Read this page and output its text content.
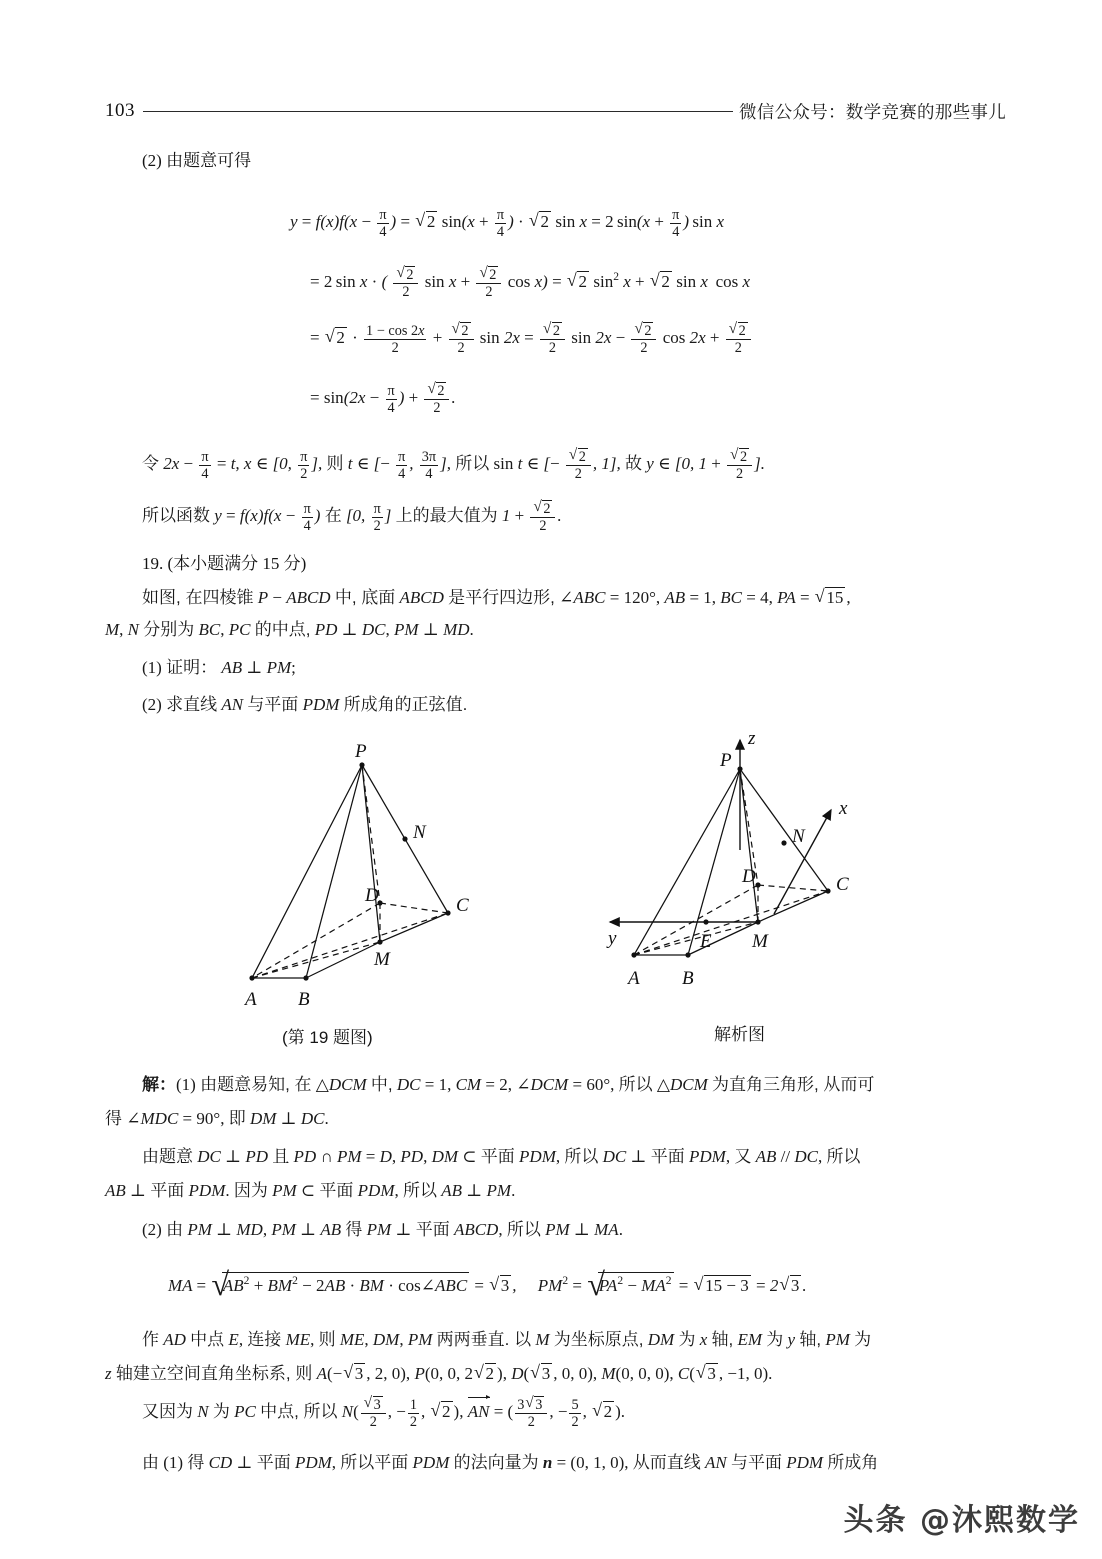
103	微信公众号：数学竞赛的那些事儿
(2) 由题意可得
$y = f(x)f(x - \frac{\pi}{4}$ ) = √ 2 $\sin(x + \frac{\pi}{4}$ ) · √ 2 sin x = 2 $\sin(x + \frac{\pi}{4}$ ) sin x
= 2 sin x · ( √ $\frac{2}{2}$ sin x + √ $\frac{2}{2}$ cos x) = √ 2 $\sin^2 x$ + √ 2 sin x  cos x
= √ $2 \cdot \frac{1 - \cos 2x}{2}$ + √ $\frac{2}{2}$ sin 2x = √ $\frac{2}{2}$ sin 2x − √ $\frac{2}{2}$ cos 2x + √ $\frac{2}{2}$
= $\sin(2x - \frac{\pi}{4}$ ) + √ $\frac{2}{2}$ .
令 $2x - \frac{\pi}{4} = t$, x ∈ [0, $\frac{\pi}{2}$ ], 则 t ∈ [− $\frac{\pi}{4}$ , $\frac{3\pi}{4}$ ], 所以 sin t ∈ [− √ $\frac{2}{2}$ , 1], 故 y ∈ [0, 1 + √ $\frac{2}{2}$ ].
所以函数 $y = f(x)f(x - \frac{\pi}{4}$ ) 在 [0, $\frac{\pi}{2}$ ] 上的最大值为 1 + √ $\frac{2}{2}$ .
19. (本小题满分 15 分)
如图, 在四棱锥 P − ABCD 中, 底面 ABCD 是平行四边形, ∠ABC = 120°, AB = 1, BC = 4, PA = √ 15 ,
M, N 分别为 BC, PC 的中点, PD ⊥ DC, PM ⊥ MD.
(1) 证明： AB ⊥ PM;
(2) 求直线 AN 与平面 PDM 所成角的正弦值.
P
N
D	C
M
A B
(第 19 题图)
P
N
D	C
E M
A B
z
x
y
解析图
解：(1) 由题意易知, 在 △DCM 中, DC = 1, CM = 2, ∠DCM = 60°, 所以 △DCM 为直角三角形, 从而可
得 ∠MDC = 90°, 即 DM ⊥ DC.
由题意 DC ⊥ PD 且 PD ∩ PM = D, PD, DM ⊂ 平面 PDM, 所以 DC ⊥ 平面 PDM, 又 AB // DC, 所以
AB ⊥ 平面 PDM. 因为 PM ⊂ 平面 PDM, 所以 AB ⊥ PM.
(2) 由 PM ⊥ MD, PM ⊥ AB 得 PM ⊥ 平面 ABCD, 所以 PM ⊥ MA.
MA = √ $AB^2 + BM^2 - 2AB$ · BM · cos∠ABC = √ 3 ,     $PM^2$ = √ $PA^2 - MA^2$ = √ 15 − 3 = 2 √ 3 .
作 AD 中点 E, 连接 ME, 则 ME, DM, PM 两两垂直. 以 M 为坐标原点, DM 为 x 轴, EM 为 y 轴, PM 为
z 轴建立空间直角坐标系, 则 A(− √ 3 , 2, 0), P(0, 0, 2 √ 2 ), D( √ 3 , 0, 0), M(0, 0, 0), C( √ 3 , −1, 0).
又因为 N 为 PC 中点, 所以 N( √ $\frac{3}{2}$ , − $\frac{1}{2}$ , √ 2 ), AN = ( $\frac{3 √ 3}{2}$ , − $\frac{5}{2}$ , √ 2 ).
由 (1) 得 CD ⊥ 平面 PDM, 所以平面 PDM 的法向量为 n = (0, 1, 0), 从而直线 AN 与平面 PDM 所成角
头条 @沐熙数学
